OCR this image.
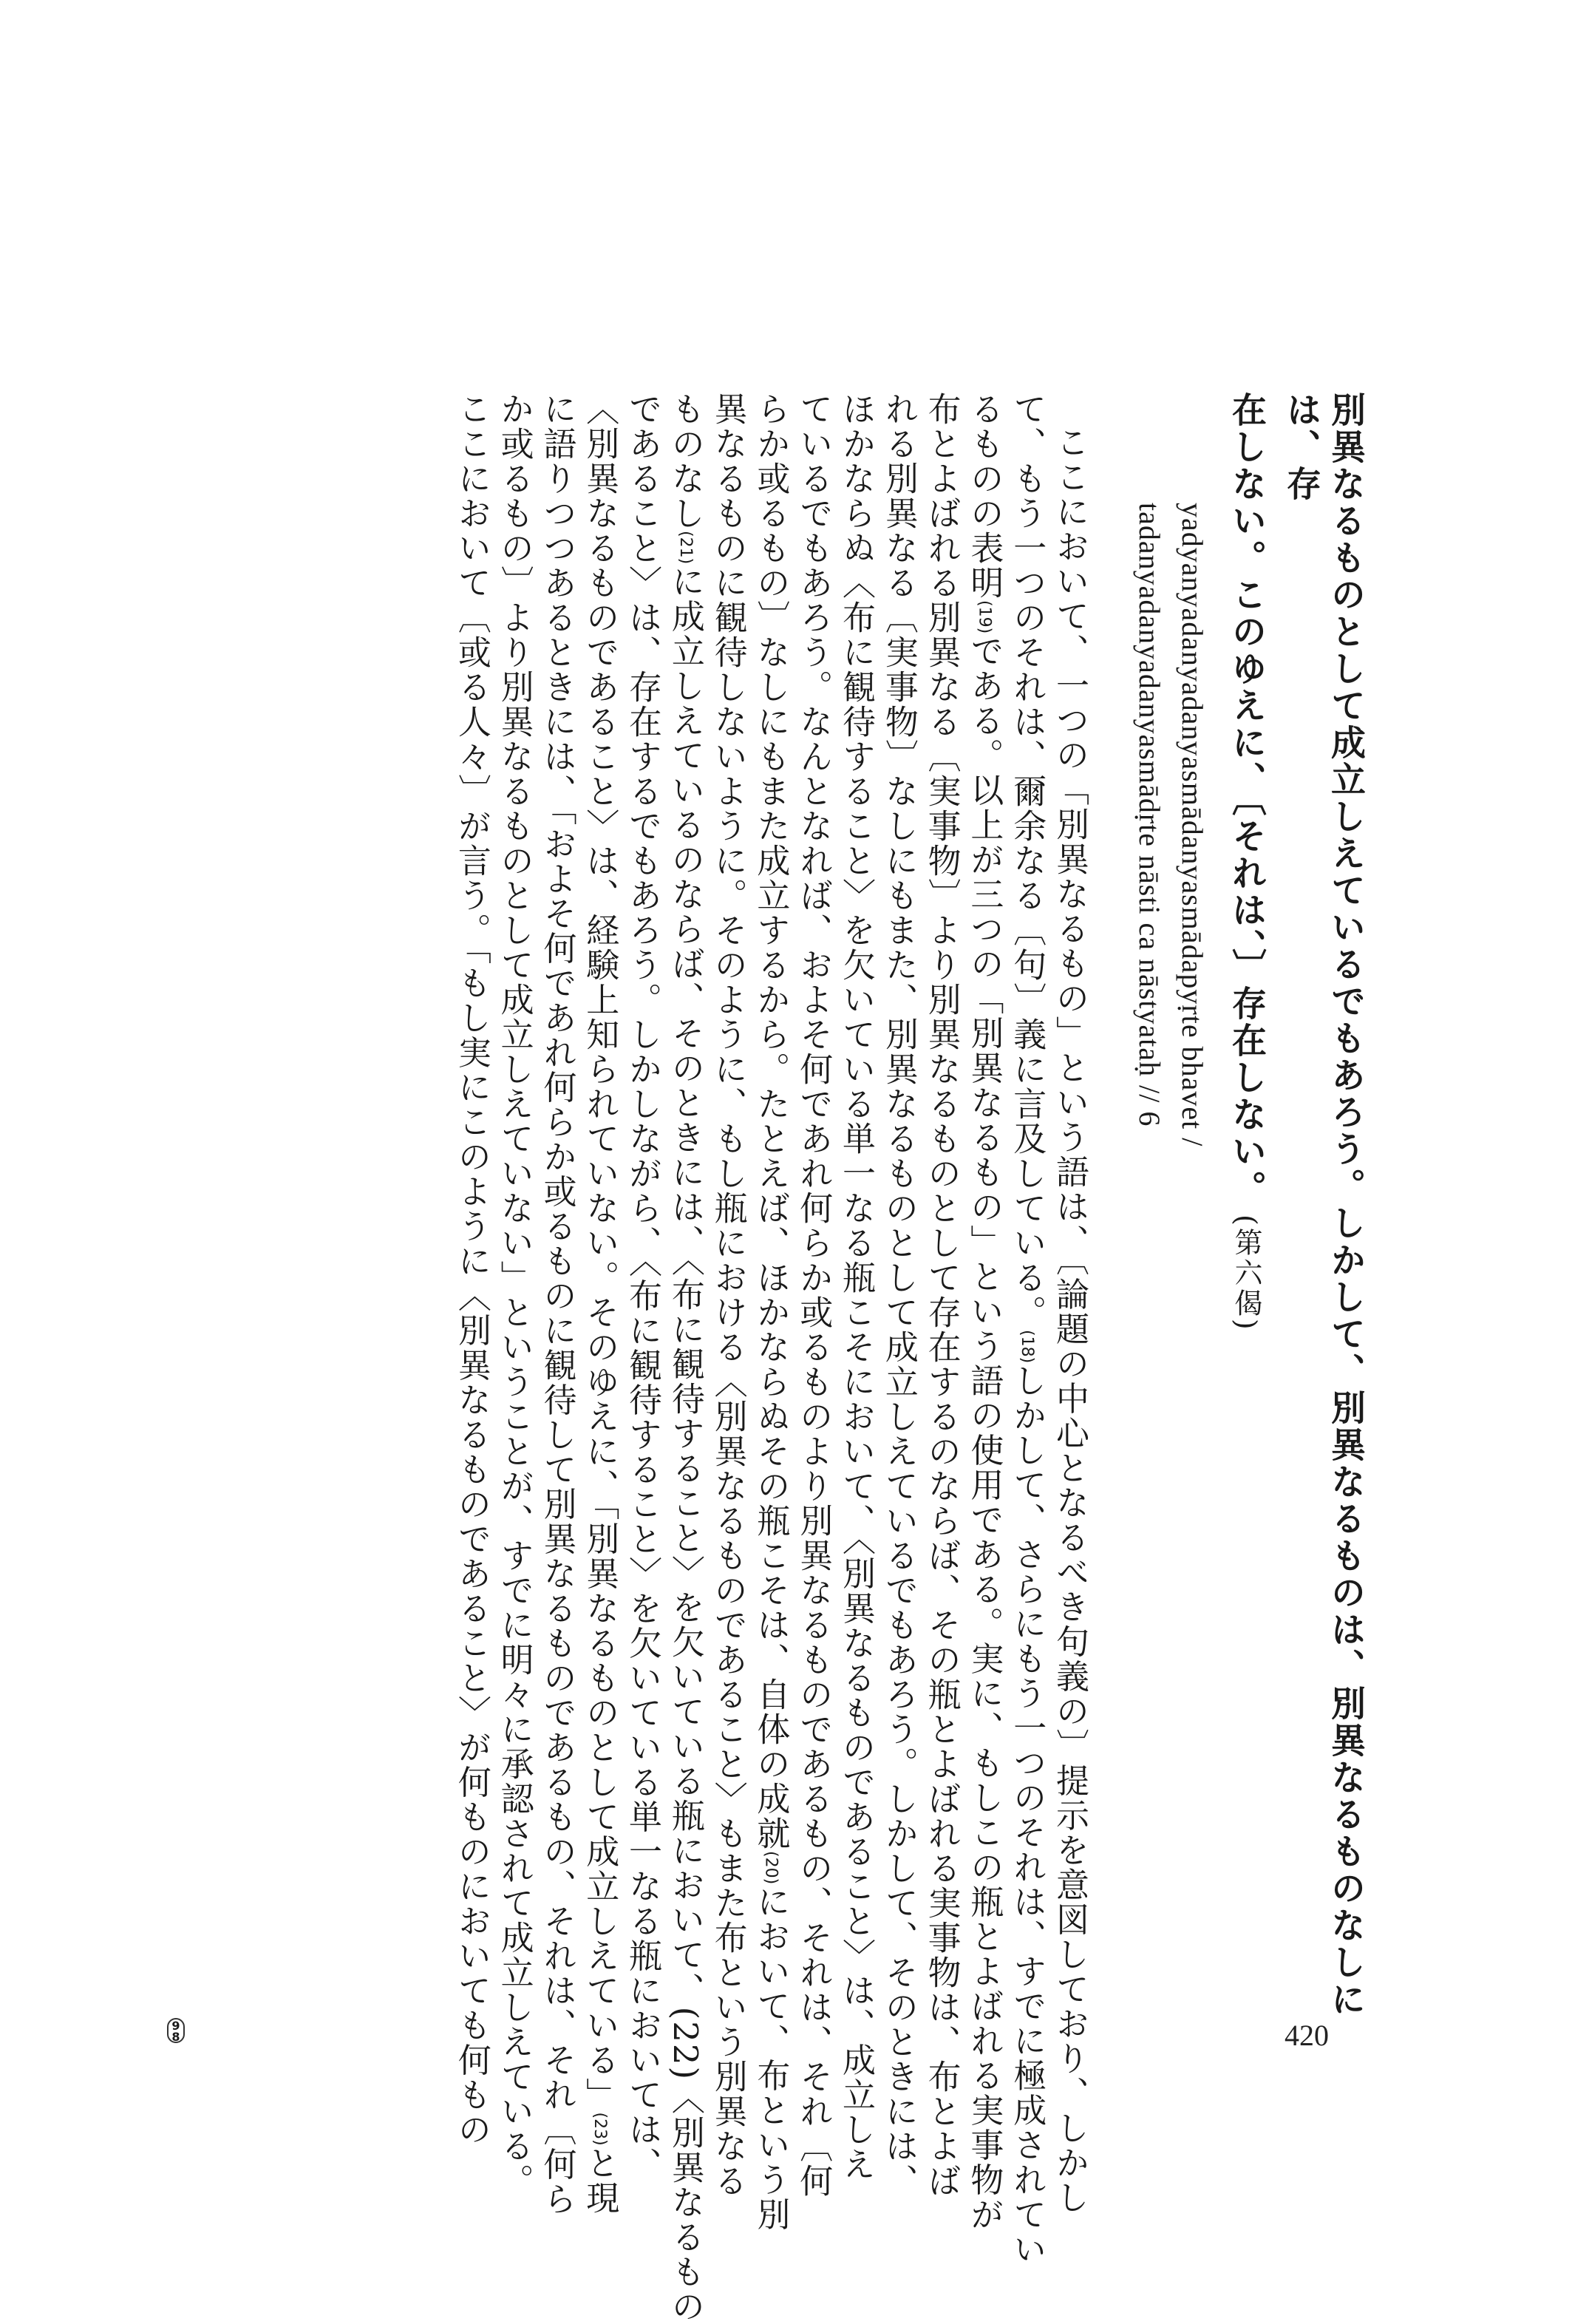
別異なるものとして成立しえているでもあろう。しかして、別異なるものは、別異なるものなしには、存
在しない。このゆえに、〔それは、〕存在しない。(第六偈)
yadyanyadanyadanyasmādanyasmādapyṛte bhavet /
tadanyadanyadanyasmādṛte nāsti ca nāstyataḥ // 6
ここにおいて、一つの「別異なるもの」という語は、〔論題の中心となるべき句義の〕提示を意図しており、しかし
て、もう一つのそれは、爾余なる〔句〕義に言及している。(18)しかして、さらにもう一つのそれは、すでに極成されてい
るものの表明(19)である。以上が三つの「別異なるもの」という語の使用である。実に、もしこの瓶とよばれる実事物が
布とよばれる別異なる〔実事物〕より別異なるものとして存在するのならば、その瓶とよばれる実事物は、布とよば
れる別異なる〔実事物〕なしにもまた、別異なるものとして成立しえているでもあろう。しかして、そのときには、
ほかならぬ〈布に観待すること〉を欠いている単一なる瓶こそにおいて、〈別異なるものであること〉は、成立しえ
ているでもあろう。なんとなれば、およそ何であれ何らか或るものより別異なるものであるもの、それは、それ〔何
らか或るもの〕なしにもまた成立するから。たとえば、ほかならぬその瓶こそは、自体の成就(20)において、布という別
異なるものに観待しないように。そのように、もし瓶における〈別異なるものであること〉もまた布という別異なる
ものなし(21)に成立しえているのならば、そのときには、〈布に観待すること〉を欠いている瓶において、(22)〈別異なるもの
であること〉は、存在するでもあろう。しかしながら、〈布に観待すること〉を欠いている単一なる瓶においては、
〈別異なるものであること〉は、経験上知られていない。そのゆえに、「別異なるものとして成立しえている」(23)と現
に語りつつあるときには、「およそ何であれ何らか或るものに観待して別異なるものであるもの、それは、それ〔何ら
か或るもの〕より別異なるものとして成立しえていない」ということが、すでに明々に承認されて成立しえている。
ここにおいて〔或る人々〕が言う。「もし実にこのように〈別異なるものであること〉が何ものにおいても何もの	420
98
